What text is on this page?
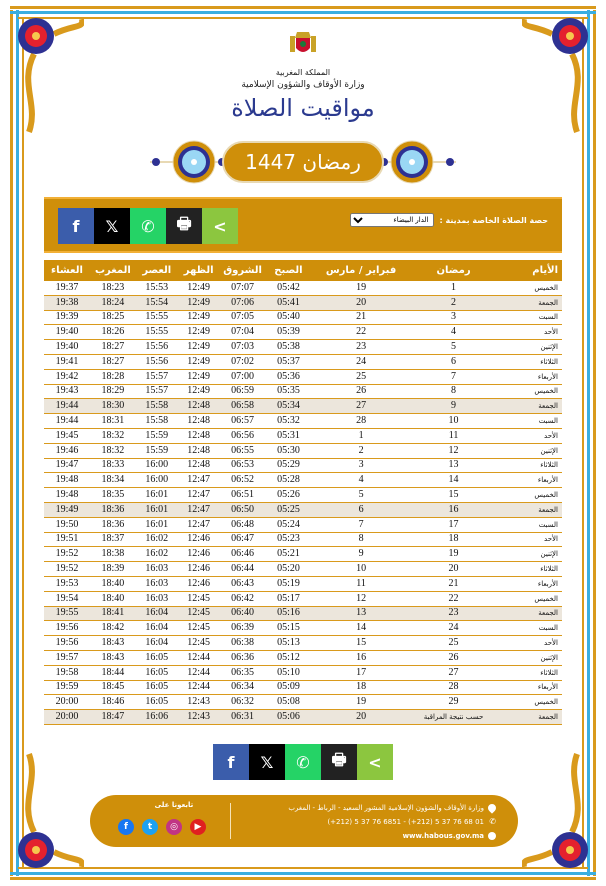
المملكة المغربية
وزارة الأوقاف والشؤون الإسلامية
مواقيت الصلاة
رمضان 1447
f 𝕏 ✆ 🖶 <	حصة الصلاة الخاصة بمدينة :
الدار البيضاء
الأيام	رمضان	فبراير / مارس	الصبح	الشروق	الظهر	العصر	المغرب	العشاء
الخميس	1	19	05:42	07:07	12:49	15:53	18:23	19:37
الجمعة	2	20	05:41	07:06	12:49	15:54	18:24	19:38
السبت	3	21	05:40	07:05	12:49	15:55	18:25	19:39
الأحد	4	22	05:39	07:04	12:49	15:55	18:26	19:40
الإثنين	5	23	05:38	07:03	12:49	15:56	18:27	19:40
الثلاثاء	6	24	05:37	07:02	12:49	15:56	18:27	19:41
الأربعاء	7	25	05:36	07:00	12:49	15:57	18:28	19:42
الخميس	8	26	05:35	06:59	12:49	15:57	18:29	19:43
الجمعة	9	27	05:34	06:58	12:48	15:58	18:30	19:44
السبت	10	28	05:32	06:57	12:48	15:58	18:31	19:44
الأحد	11	1	05:31	06:56	12:48	15:59	18:32	19:45
الإثنين	12	2	05:30	06:55	12:48	15:59	18:32	19:46
الثلاثاء	13	3	05:29	06:53	12:48	16:00	18:33	19:47
الأربعاء	14	4	05:28	06:52	12:47	16:00	18:34	19:48
الخميس	15	5	05:26	06:51	12:47	16:01	18:35	19:48
الجمعة	16	6	05:25	06:50	12:47	16:01	18:36	19:49
السبت	17	7	05:24	06:48	12:47	16:01	18:36	19:50
الأحد	18	8	05:23	06:47	12:46	16:02	18:37	19:51
الإثنين	19	9	05:21	06:46	12:46	16:02	18:38	19:52
الثلاثاء	20	10	05:20	06:44	12:46	16:03	18:39	19:52
الأربعاء	21	11	05:19	06:43	12:46	16:03	18:40	19:53
الخميس	22	12	05:17	06:42	12:45	16:03	18:40	19:54
الجمعة	23	13	05:16	06:40	12:45	16:04	18:41	19:55
السبت	24	14	05:15	06:39	12:45	16:04	18:42	19:56
الأحد	25	15	05:13	06:38	12:45	16:04	18:43	19:56
الإثنين	26	16	05:12	06:36	12:44	16:05	18:43	19:57
الثلاثاء	27	17	05:10	06:35	12:44	16:05	18:44	19:58
الأربعاء	28	18	05:09	06:34	12:44	16:05	18:45	19:59
الخميس	29	19	05:08	06:32	12:43	16:05	18:46	20:00
الجمعة	حسب نتيجة المراقبة	20	05:06	06:31	12:43	16:06	18:47	20:00
f 𝕏 ✆ 🖶 <
وزارة الأوقاف والشؤون الإسلامية المشور السعيد - الرباط - المغرب
✆
(+212) 5 37 76 6851 - (+212) 5 37 76 68 01
www.habous.gov.ma
تابعونا على
f t ◎ ▶
